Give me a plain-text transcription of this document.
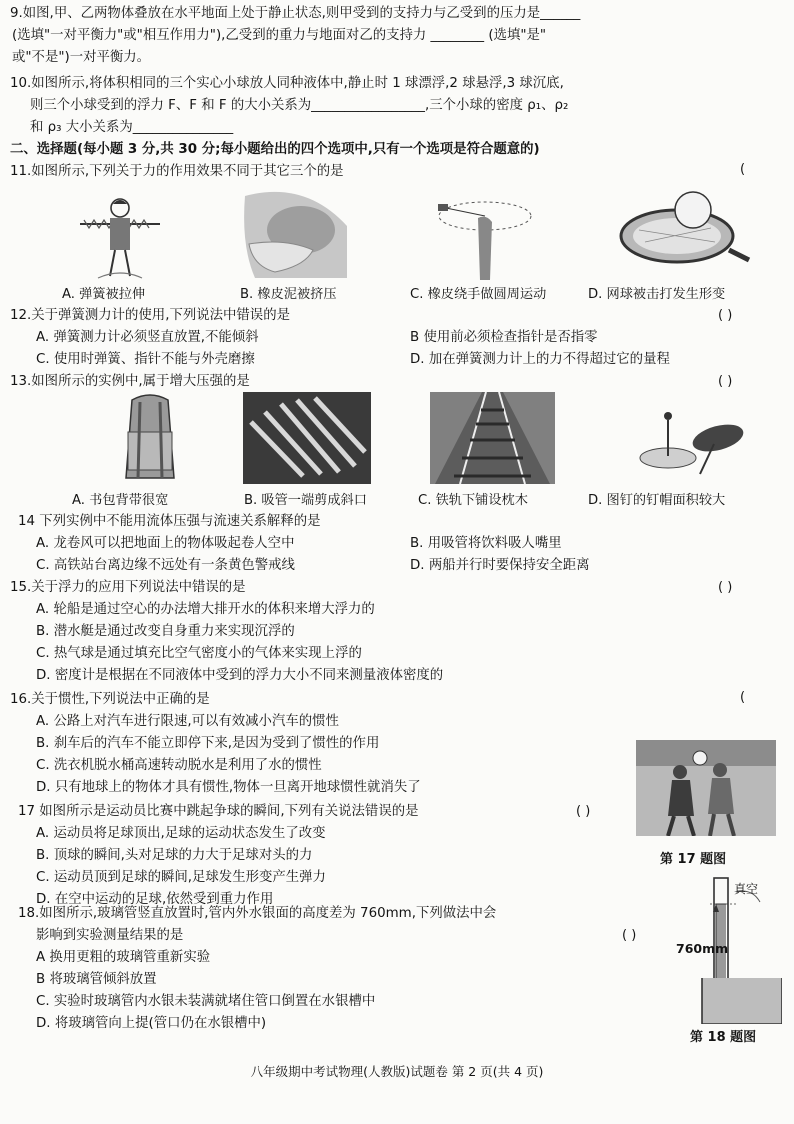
9.如图,甲、乙两物体叠放在水平地面上处于静止状态,则甲受到的支持力与乙受到的压力是______
(选填"一对平衡力"或"相互作用力"),乙受到的重力与地面对乙的支持力 ________ (选填"是"
或"不是")一对平衡力。
10.如图所示,将体积相同的三个实心小球放人同种液体中,静止时 1 球漂浮,2 球悬浮,3 球沉底,
则三个小球受到的浮力 F、F 和 F 的大小关系为_________________,三个小球的密度 ρ₁、ρ₂
和 ρ₃ 大小关系为_______________
二、选择题(每小题 3 分,共 30 分;每小题给出的四个选项中,只有一个选项是符合题意的)
11.如图所示,下列关于力的作用效果不同于其它三个的是	(
A. 弹簧被拉伸	B. 橡皮泥被挤压	C. 橡皮绕手做圆周运动	D. 网球被击打发生形变
12.关于弹簧测力计的使用,下列说法中错误的是	( )
A. 弹簧测力计必须竖直放置,不能倾斜	B 使用前必须检查指针是否指零
C. 使用时弹簧、指针不能与外壳磨擦	D. 加在弹簧测力计上的力不得超过它的量程
13.如图所示的实例中,属于增大压强的是	( )
A. 书包背带很宽	B. 吸管一端剪成斜口	C. 铁轨下铺设枕木	D. 图钉的钉帽面积较大
14 下列实例中不能用流体压强与流速关系解释的是
A. 龙卷风可以把地面上的物体吸起卷人空中	B. 用吸管将饮料吸人嘴里
C. 高铁站台离边缘不远处有一条黄色警戒线	D. 两船并行时要保持安全距离
15.关于浮力的应用下列说法中错误的是	( )
A. 轮船是通过空心的办法增大排开水的体积来增大浮力的
B. 潜水艇是通过改变自身重力来实现沉浮的
C. 热气球是通过填充比空气密度小的气体来实现上浮的
D. 密度计是根据在不同液体中受到的浮力大小不同来测量液体密度的
16.关于惯性,下列说法中正确的是	(
A. 公路上对汽车进行限速,可以有效减小汽车的惯性
B. 刹车后的汽车不能立即停下来,是因为受到了惯性的作用
C. 洗衣机脱水桶高速转动脱水是利用了水的惯性
D. 只有地球上的物体才具有惯性,物体一旦离开地球惯性就消失了
17 如图所示是运动员比赛中跳起争球的瞬间,下列有关说法错误的是	( )
A. 运动员将足球顶出,足球的运动状态发生了改变
B. 顶球的瞬间,头对足球的力大于足球对头的力
C. 运动员顶到足球的瞬间,足球发生形变产生弹力
D. 在空中运动的足球,依然受到重力作用
第 17 题图
真空
760mm
18.如图所示,玻璃管竖直放置时,管内外水银面的高度差为 760mm,下列做法中会
影响到实验测量结果的是	( )
A 换用更粗的玻璃管重新实验
B 将玻璃管倾斜放置
C. 实验时玻璃管内水银未装满就堵住管口倒置在水银槽中
D. 将玻璃管向上提(管口仍在水银槽中)
第 18 题图
八年级期中考试物理(人教版)试题卷 第 2 页(共 4 页)
